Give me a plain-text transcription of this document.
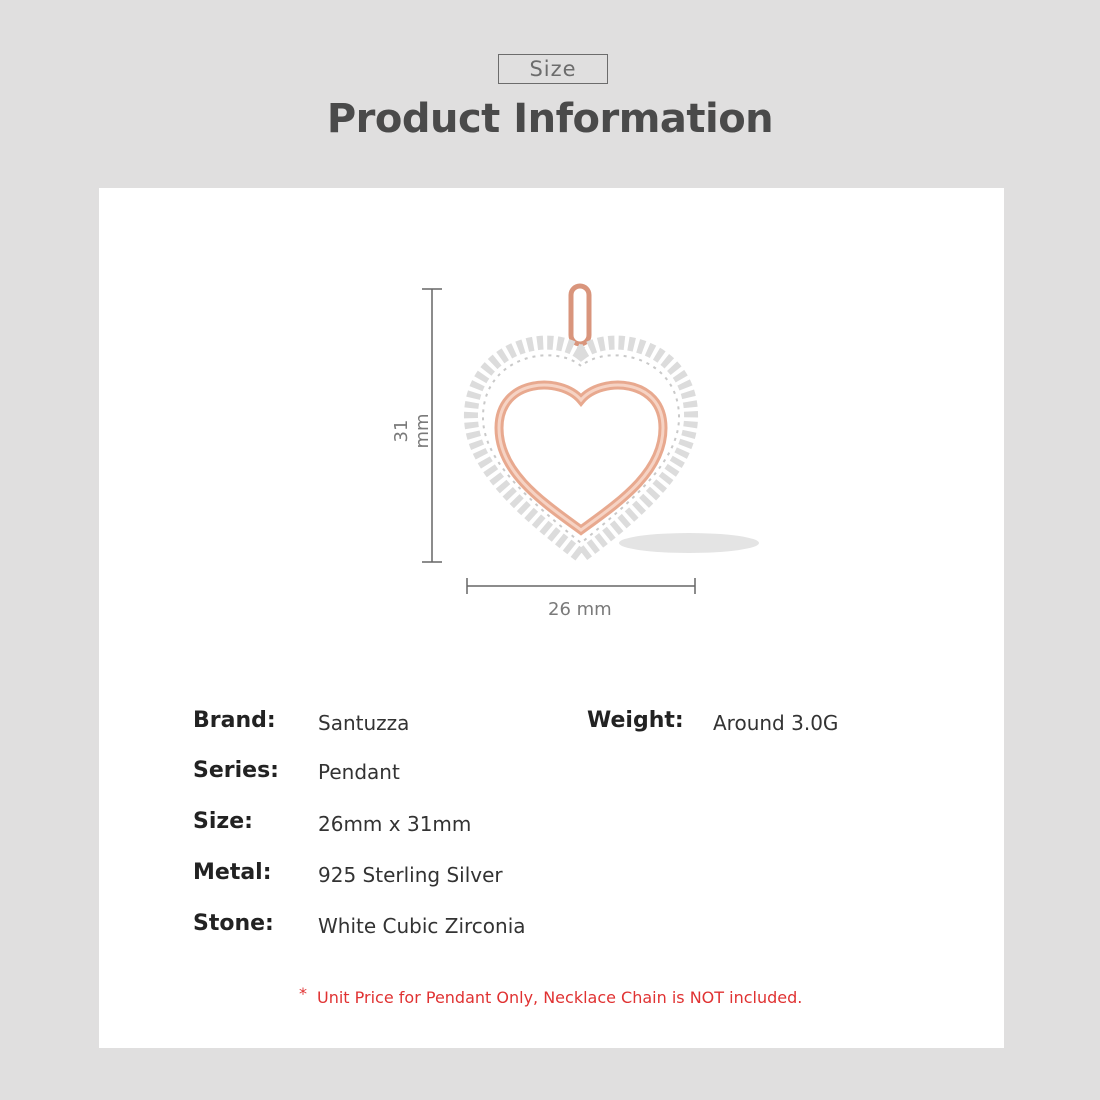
Size
Product Information
31 mm
26 mm
Brand: Santuzza	Weight: Around 3.0G
Series: Pendant
Size:	26mm x 31mm
Metal: 925 Sterling Silver
Stone: White Cubic Zirconia
* Unit Price for Pendant Only, Necklace Chain is NOT included.
